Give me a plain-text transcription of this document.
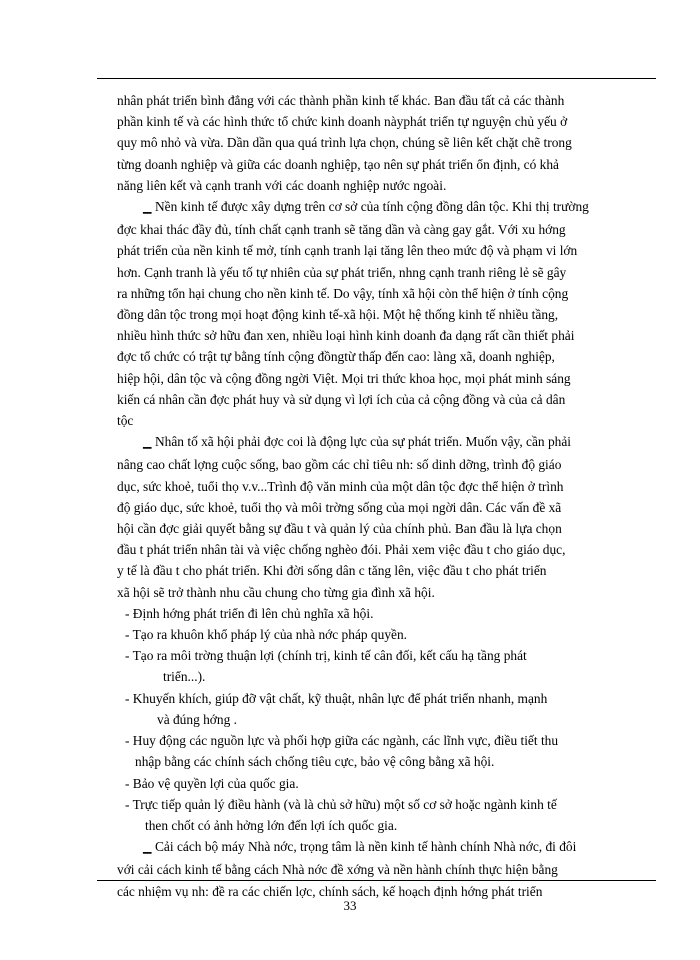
nhân phát triển bình đẳng với các thành phần kinh tế khác. Ban đầu tất cả các thành
phần kinh tế và các hình thức tổ chức kinh doanh nàyphát triển tự nguyện chủ yếu ở
quy mô nhỏ và vừa. Dần dần qua quá trình lựa chọn, chúng sẽ liên kết chặt chẽ trong
từng doanh nghiệp và giữa các doanh nghiệp, tạo nên sự phát triển ổn định, có khả
năng liên kết và cạnh tranh với các doanh nghiệp nước ngoài.
▁ Nền kinh tế được xây dựng trên cơ sở của tính cộng đồng dân tộc. Khi thị trường
đợc khai thác đầy đủ, tính chất cạnh tranh sẽ tăng dần và càng gay gắt. Với xu hớng
phát triển của nền kinh tế mở, tính cạnh tranh lại tăng lên theo mức độ và phạm vi lớn
hơn. Cạnh tranh là yếu tố tự nhiên của sự phát triển, nhng cạnh tranh riêng lẻ sẽ gây
ra những tổn hại chung cho nền kinh tế. Do vậy, tính xã hội còn thể hiện ở tính cộng
đồng dân tộc trong mọi hoạt động kinh tế-xã hội. Một hệ thống kinh tế nhiều tầng,
nhiều hình thức sở hữu đan xen, nhiều loại hình kinh doanh đa dạng rất cần thiết phải
đợc tổ chức có trật tự bằng tính cộng đồngtừ thấp đến cao: làng xã, doanh nghiệp,
hiệp hội, dân tộc và cộng đồng ngời Việt. Mọi tri thức khoa học, mọi phát minh sáng
kiến cá nhân cần đợc phát huy và sử dụng vì lợi ích của cả cộng đồng và của cả dân
tộc
▁ Nhân tố xã hội phải đợc coi là động lực của sự phát triển. Muốn vậy, cần phải
nâng cao chất lợng cuộc sống, bao gồm các chỉ tiêu nh: số dinh dỡng, trình độ giáo
dục, sức khoẻ, tuổi thọ v.v...Trình độ văn minh của một dân tộc đợc thể hiện ở trình
độ giáo dục, sức khoẻ, tuổi thọ và môi trờng sống của mọi ngời dân. Các vấn đề xã
hội cần đợc giải quyết bằng sự đầu t và quản lý của chính phủ. Ban đầu là lựa chọn
đầu t phát triển nhân tài và việc chống nghèo đói. Phải xem việc đầu t cho giáo dục,
y tế là đầu t cho phát triển. Khi đời sống dân c tăng lên, việc đầu t cho phát triển
xã hội sẽ trở thành nhu cầu chung cho từng gia đình xã hội.
- Định hớng phát triển đi lên chủ nghĩa xã hội.
- Tạo ra khuôn khổ pháp lý của nhà nớc pháp quyền.
- Tạo ra môi trờng thuận lợi (chính trị, kinh tế cân đối, kết cấu hạ tầng phát
triển...).
- Khuyến khích, giúp đỡ vật chất, kỹ thuật, nhân lực để phát triển nhanh, mạnh
và đúng hớng .
- Huy động các nguồn lực và phối hợp giữa các ngành, các lĩnh vực, điều tiết thu
nhập bằng các chính sách chống tiêu cực, bảo vệ công bằng xã hội.
- Bảo vệ quyền lợi của quốc gia.
- Trực tiếp quản lý điều hành (và là chủ sở hữu) một số cơ sở hoặc ngành kinh tế
then chốt có ảnh hởng lớn đến lợi ích quốc gia.
▁ Cải cách bộ máy Nhà nớc, trọng tâm là nền kinh tế hành chính Nhà nớc, đi đôi
với cải cách kinh tế bằng cách Nhà nớc đề xớng và nền hành chính thực hiện bằng
các nhiệm vụ nh: đề ra các chiến lợc, chính sách, kế hoạch định hớng phát triển
33
